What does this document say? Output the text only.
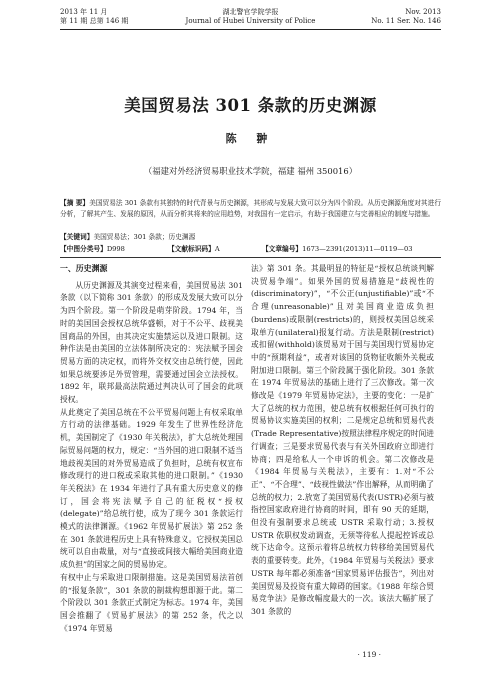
2013 年 11 月
第 11 期 总第 146 期
湖北警官学院学报
Journal of Hubei University of Police
Nov. 2013
No. 11 Ser. No. 146
美国贸易法 301 条款的历史渊源
陈 翀
（福建对外经济贸易职业技术学院，福建 福州 350016）
【摘 要】美国贸易法 301 条款有其独特的时代背景与历史渊源，其形成与发展大致可以分为四个阶段。从历史渊源角度对其进行分析，了解其产生、发展的原因，从而分析其将来的应用趋势，对我国有一定启示，有助于我国建立与完善相应的制度与措施。
【关键词】美国贸易法；301 条款；历史渊源
【中图分类号】D998	【文献标识码】A	【文章编号】1673—2391(2013)11—0119—03
一、历史渊源

从历史渊源及其演变过程来看，美国贸易法 301 条款（以下简称 301 条款）的形成及发展大致可以分为四个阶段。第一个阶段是萌芽阶段。1794 年，当时的美国国会授权总统华盛顿，对于不公平、歧视美国商品的外国，由其决定实施禁运以及进口限制。这种作法是由美国的立法体制所决定的：宪法赋予国会贸易方面的决定权，而将外交权交由总统行使，因此如果总统要涉足外贸管理，需要通过国会立法授权。1892 年，联邦最高法院通过判决认可了国会的此项授权。

从此奠定了美国总统在不公平贸易问题上有权采取单方行动的法律基础。1929 年发生了世界性经济危机，美国制定了《1930 年关税法》，扩大总统处理国际贸易问题的权力，规定：“当外国的进口限制不适当地歧视美国的对外贸易造成了负担时，总统有权宣布修改现行的进口税或采取其他的进口限制。”《1930 年关税法》在 1934 年进行了具有重大历史意义的修订，国会将宪法赋予自己的征税权“授权(delegate)”给总统行使，成为了现今 301 条款运行模式的法律渊源。《1962 年贸易扩展法》第 252 条在 301 条款进程历史上具有特殊意义。它授权美国总统可以自由裁量，对与“直接或间接大幅给美国商业造成负担”的国家之间的贸易协定。

有权中止与采取进口限制措施。这是美国贸易法首创的“报复条款”，301 条款的制裁构想即源于此。第二个阶段以 301 条款正式制定为标志。1974 年，美国国会推翻了《贸易扩展法》的第 252 条，代之以《1974 年贸易

法》第 301 条。其最明显的特征是“授权总统谈判解决贸易争端”。如果外国的贸易措施是“歧视性的(discriminatory)”，“不公正(unjustifiable)”或“不合理(unreasonable)”且对美国商业造成负担(burdens)或限制(restricts)的，则授权美国总统采取单方(unilateral)报复行动。方法是限制(restrict)或扣留(withhold)该贸易对于国与美国现行贸易协定中的“预期利益”，或者对该国的货物征收额外关税或附加进口限制。第三个阶段属于强化阶段。301 条款在 1974 年贸易法的基础上进行了三次修改。第一次修改是《1979 年贸易协定法》，主要的变化：一是扩大了总统的权力范围，使总统有权根据任何可执行的贸易协议实施美国的权利；二是规定总统和贸易代表(Trade Representative)按照法律程序规定的时间进行调查；三是要求贸易代表与有关外国政府立即进行协商；四是给私人一个申诉的机会。第二次修改是《1984 年贸易与关税法》，主要有：1.对“不公正”、“不合理”、“歧视性做法”作出解释，从而明确了总统的权力；2.放宽了美国贸易代表(USTR)必须与被指控国家政府进行协商的时间，即有 90 天的延期，但没有强制要求总统或 USTR 采取行动；3.授权 USTR 依职权发动调查，无须等待私人提起控诉或总统下达命令。这预示着将总统权力转移给美国贸易代表的重要转变。此外，《1984 年贸易与关税法》要求 USTR 每年都必须准备“国家贸易评估报告”，列出对美国贸易及投资有重大障碍的国家。《1988 年综合贸易竞争法》是修改幅度最大的一次。该法大幅扩展了 301 条款的

· 119 ·
